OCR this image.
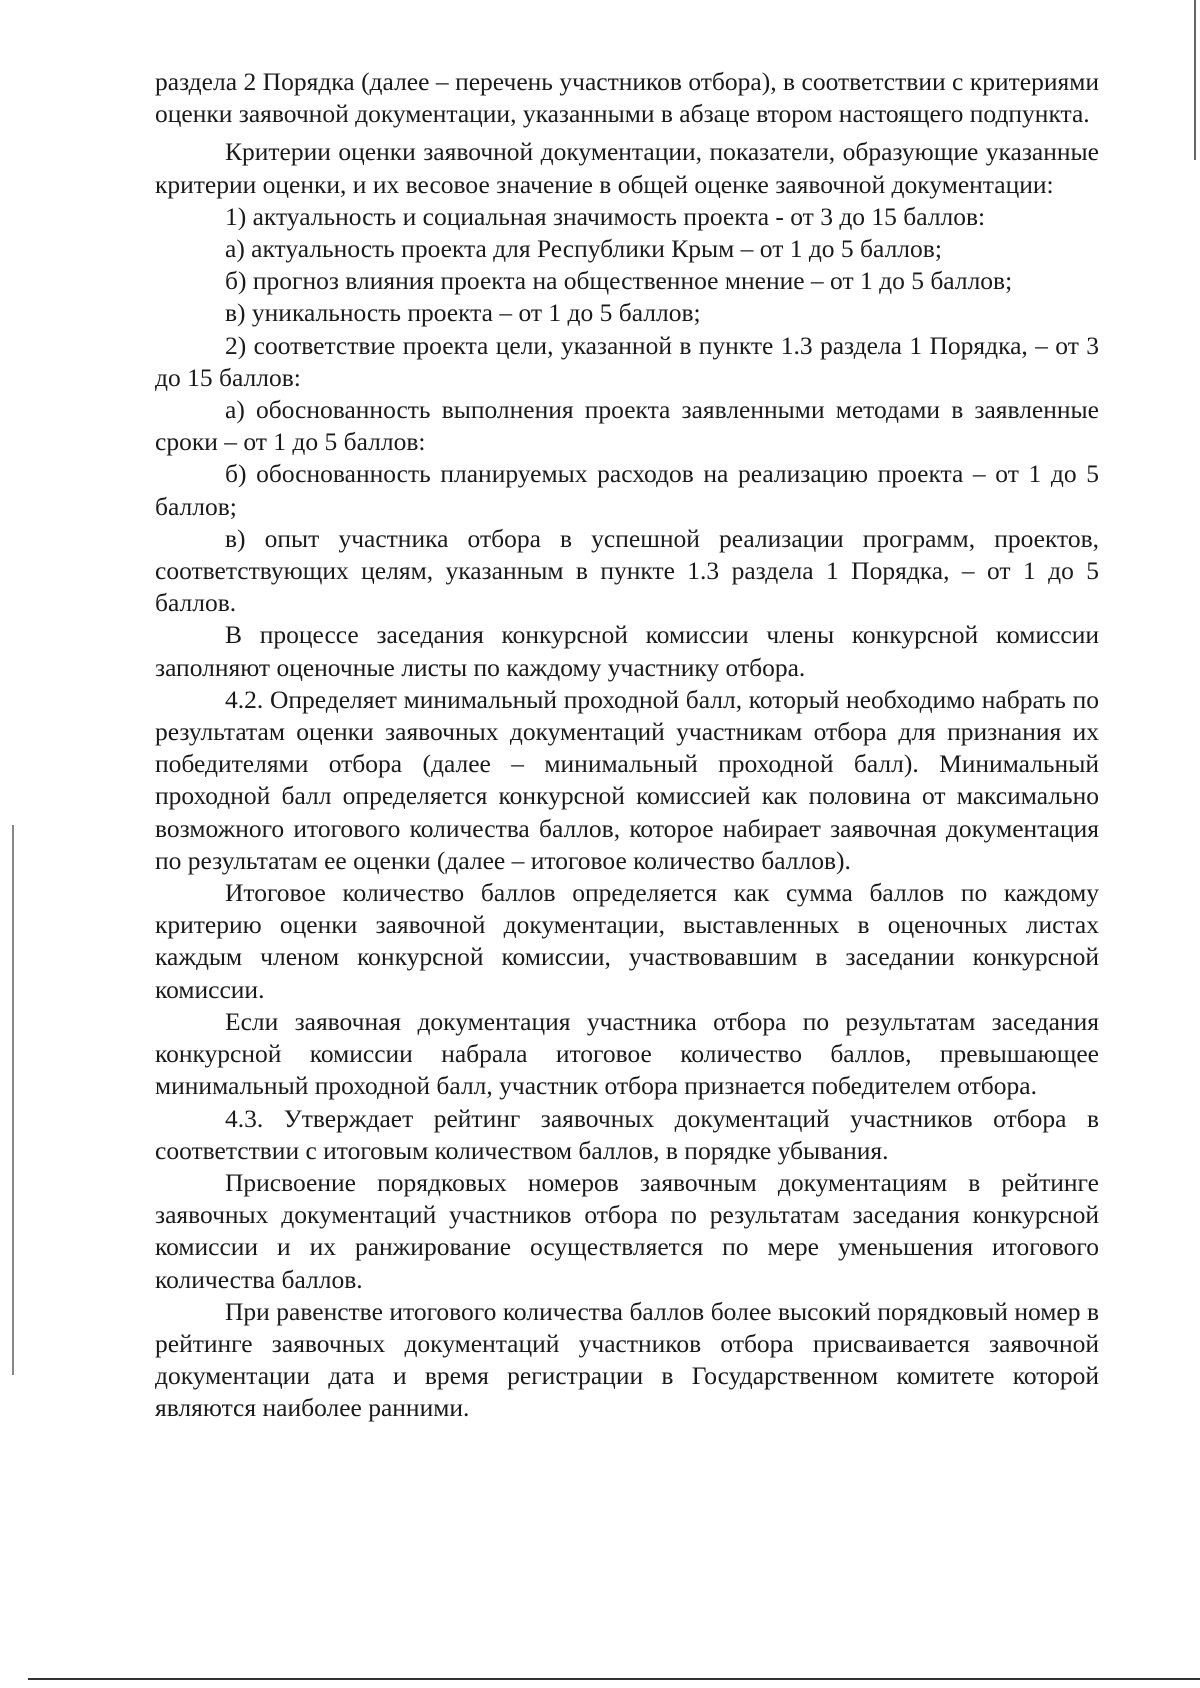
раздела 2 Порядка (далее – перечень участников отбора), в соответствии с критериями оценки заявочной документации, указанными в абзаце втором настоящего подпункта.

Критерии оценки заявочной документации, показатели, образующие указанные критерии оценки, и их весовое значение в общей оценке заявочной документации:

1) актуальность и социальная значимость проекта - от 3 до 15 баллов:

а) актуальность проекта для Республики Крым – от 1 до 5 баллов;

б) прогноз влияния проекта на общественное мнение – от 1 до 5 баллов;

в) уникальность проекта – от 1 до 5 баллов;

2) соответствие проекта цели, указанной в пункте 1.3 раздела 1 Порядка, – от 3 до 15 баллов:

а) обоснованность выполнения проекта заявленными методами в заявленные сроки – от 1 до 5 баллов:

б) обоснованность планируемых расходов на реализацию проекта – от 1 до 5 баллов;

в) опыт участника отбора в успешной реализации программ, проектов, соответствующих целям, указанным в пункте 1.3 раздела 1 Порядка, – от 1 до 5 баллов.

В процессе заседания конкурсной комиссии члены конкурсной комиссии заполняют оценочные листы по каждому участнику отбора.

4.2. Определяет минимальный проходной балл, который необходимо набрать по результатам оценки заявочных документаций участникам отбора для признания их победителями отбора (далее – минимальный проходной балл). Минимальный проходной балл определяется конкурсной комиссией как половина от максимально возможного итогового количества баллов, которое набирает заявочная документация по результатам ее оценки (далее – итоговое количество баллов).

Итоговое количество баллов определяется как сумма баллов по каждому критерию оценки заявочной документации, выставленных в оценочных листах каждым членом конкурсной комиссии, участвовавшим в заседании конкурсной комиссии.

Если заявочная документация участника отбора по результатам заседания конкурсной комиссии набрала итоговое количество баллов, превышающее минимальный проходной балл, участник отбора признается победителем отбора.

4.3. Утверждает рейтинг заявочных документаций участников отбора в соответствии с итоговым количеством баллов, в порядке убывания.

Присвоение порядковых номеров заявочным документациям в рейтинге заявочных документаций участников отбора по результатам заседания конкурсной комиссии и их ранжирование осуществляется по мере уменьшения итогового количества баллов.

При равенстве итогового количества баллов более высокий порядковый номер в рейтинге заявочных документаций участников отбора присваивается заявочной документации дата и время регистрации в Государственном комитете которой являются наиболее ранними.
